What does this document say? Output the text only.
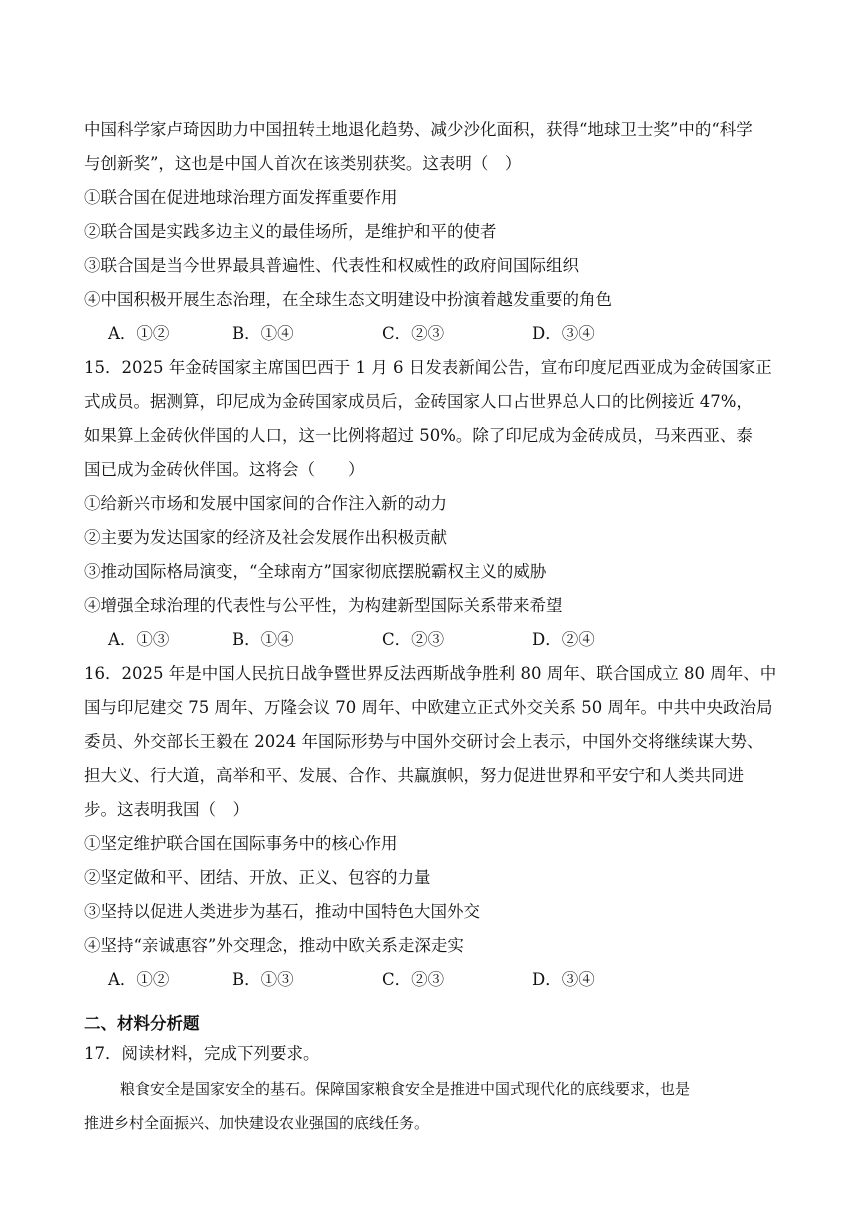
中国科学家卢琦因助力中国扭转土地退化趋势、减少沙化面积，获得“地球卫士奖”中的“科学
与创新奖”，这也是中国人首次在该类别获奖。这表明（　）
①联合国在促进地球治理方面发挥重要作用
②联合国是实践多边主义的最佳场所，是维护和平的使者
③联合国是当今世界最具普遍性、代表性和权威性的政府间国际组织
④中国积极开展生态治理，在全球生态文明建设中扮演着越发重要的角色
A．①②	B．①④	C．②③	D．③④
15．2025 年金砖国家主席国巴西于 1 月 6 日发表新闻公告，宣布印度尼西亚成为金砖国家正
式成员。据测算，印尼成为金砖国家成员后，金砖国家人口占世界总人口的比例接近 47%，
如果算上金砖伙伴国的人口，这一比例将超过 50%。除了印尼成为金砖成员，马来西亚、泰
国已成为金砖伙伴国。这将会（　　）
①给新兴市场和发展中国家间的合作注入新的动力
②主要为发达国家的经济及社会发展作出积极贡献
③推动国际格局演变，“全球南方”国家彻底摆脱霸权主义的威胁
④增强全球治理的代表性与公平性，为构建新型国际关系带来希望
A．①③	B．①④	C．②③	D．②④
16．2025 年是中国人民抗日战争暨世界反法西斯战争胜利 80 周年、联合国成立 80 周年、中
国与印尼建交 75 周年、万隆会议 70 周年、中欧建立正式外交关系 50 周年。中共中央政治局
委员、外交部长王毅在 2024 年国际形势与中国外交研讨会上表示，中国外交将继续谋大势、
担大义、行大道，高举和平、发展、合作、共赢旗帜，努力促进世界和平安宁和人类共同进
步。这表明我国（　）
①坚定维护联合国在国际事务中的核心作用
②坚定做和平、团结、开放、正义、包容的力量
③坚持以促进人类进步为基石，推动中国特色大国外交
④坚持“亲诚惠容”外交理念，推动中欧关系走深走实
A．①②	B．①③	C．②③	D．③④
二、材料分析题
17．阅读材料，完成下列要求。
粮食安全是国家安全的基石。保障国家粮食安全是推进中国式现代化的底线要求，也是
推进乡村全面振兴、加快建设农业强国的底线任务。
